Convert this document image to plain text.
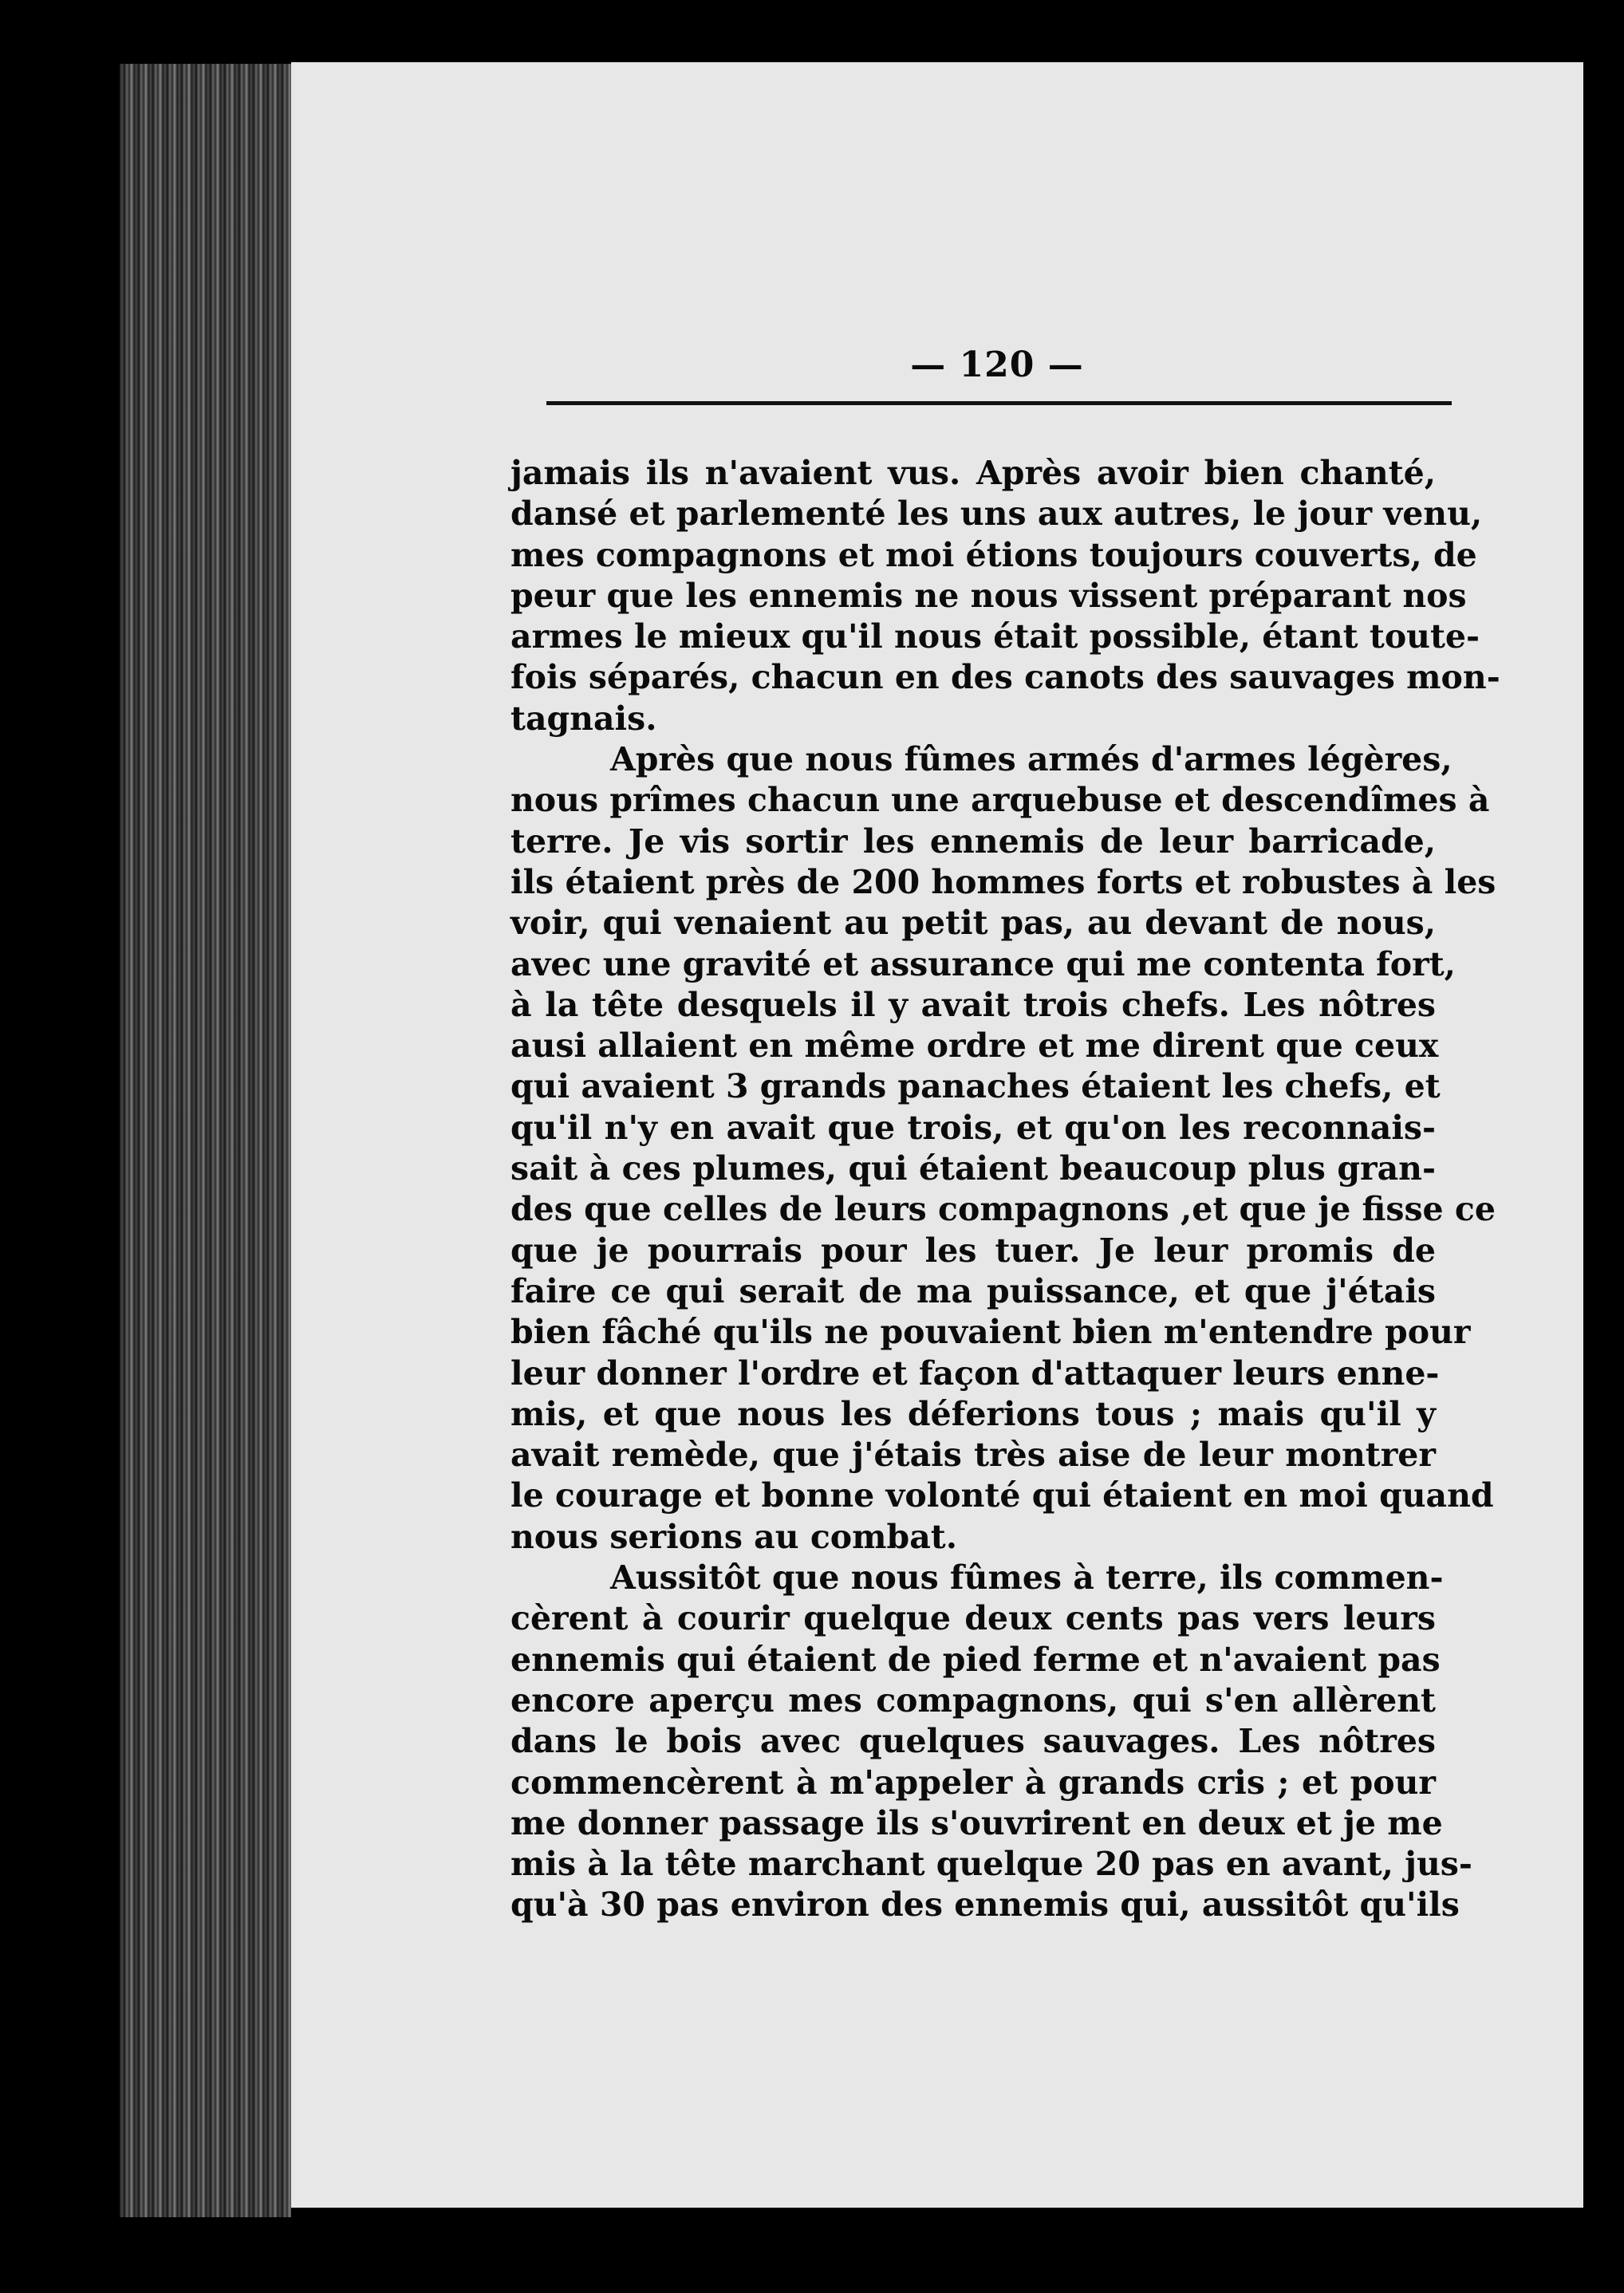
— 120 —
jamais ils n'avaient vus. Après avoir bien chanté,
dansé et parlementé les uns aux autres, le jour venu,
mes compagnons et moi étions toujours couverts, de
peur que les ennemis ne nous vissent préparant nos
armes le mieux qu'il nous était possible, étant toute-
fois séparés, chacun en des canots des sauvages mon-
tagnais.
Après que nous fûmes armés d'armes légères,
nous prîmes chacun une arquebuse et descendîmes à
terre. Je vis sortir les ennemis de leur barricade,
ils étaient près de 200 hommes forts et robustes à les
voir, qui venaient au petit pas, au devant de nous,
avec une gravité et assurance qui me contenta fort,
à la tête desquels il y avait trois chefs. Les nôtres
ausi allaient en même ordre et me dirent que ceux
qui avaient 3 grands panaches étaient les chefs, et
qu'il n'y en avait que trois, et qu'on les reconnais-
sait à ces plumes, qui étaient beaucoup plus gran-
des que celles de leurs compagnons ,et que je fisse ce
que je pourrais pour les tuer. Je leur promis de
faire ce qui serait de ma puissance, et que j'étais
bien fâché qu'ils ne pouvaient bien m'entendre pour
leur donner l'ordre et façon d'attaquer leurs enne-
mis, et que nous les déferions tous ; mais qu'il y
avait remède, que j'étais très aise de leur montrer
le courage et bonne volonté qui étaient en moi quand
nous serions au combat.
Aussitôt que nous fûmes à terre, ils commen-
cèrent à courir quelque deux cents pas vers leurs
ennemis qui étaient de pied ferme et n'avaient pas
encore aperçu mes compagnons, qui s'en allèrent
dans le bois avec quelques sauvages. Les nôtres
commencèrent à m'appeler à grands cris ; et pour
me donner passage ils s'ouvrirent en deux et je me
mis à la tête marchant quelque 20 pas en avant, jus-
qu'à 30 pas environ des ennemis qui, aussitôt qu'ils
